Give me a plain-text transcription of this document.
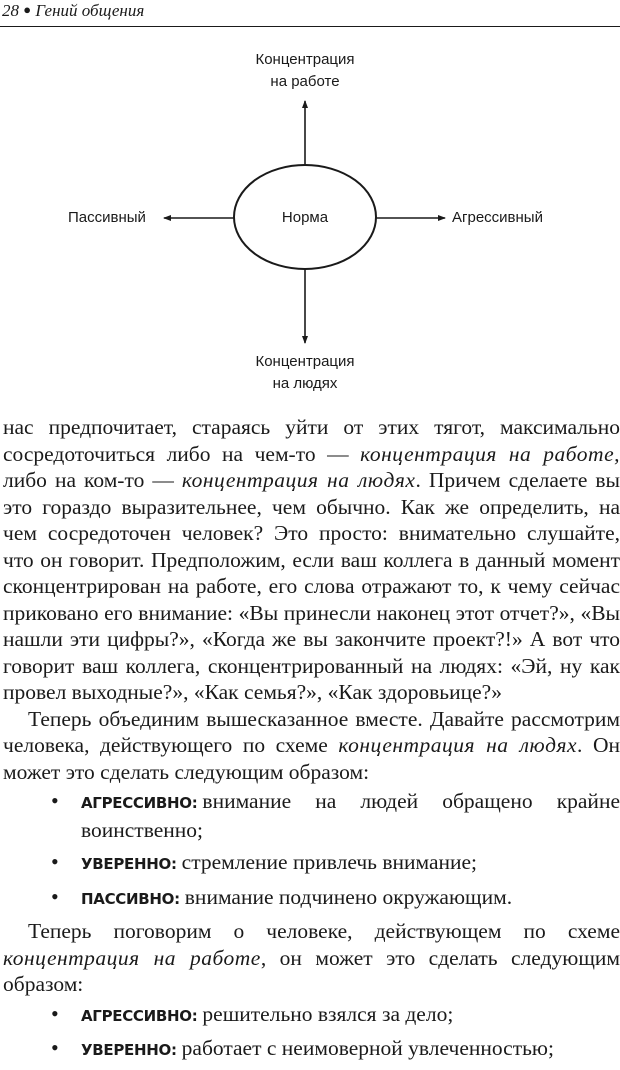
28 ● Гений общения
Концентрация
на работе
Пассивный	Норма	Агрессивный
Концентрация
на людях

нас предпочитает, стараясь уйти от этих тягот, максимально сосредоточиться либо на чем-то — концентрация на работе, либо на ком-то — концентрация на людях. Причем сделаете вы это гораздо выразительнее, чем обычно. Как же определить, на чем сосредоточен человек? Это просто: внимательно слушайте, что он говорит. Предположим, если ваш коллега в данный момент сконцентрирован на работе, его слова отражают то, к чему сейчас приковано его внимание: «Вы принесли наконец этот отчет?», «Вы нашли эти цифры?», «Когда же вы закончите проект?!» А вот что говорит ваш коллега, сконцентрированный на людях: «Эй, ну как провел выходные?», «Как семья?», «Как здоровьице?»

Теперь объединим вышесказанное вместе. Давайте рассмотрим человека, действующего по схеме концентрация на людях. Он может это сделать следующим образом:

• АГРЕССИВНО: внимание на людей обращено крайне воинственно;
• УВЕРЕННО: стремление привлечь внимание;
• ПАССИВНО: внимание подчинено окружающим.

Теперь поговорим о человеке, действующем по схеме концентрация на работе, он может это сделать следующим образом:

• АГРЕССИВНО: решительно взялся за дело;
• УВЕРЕННО: работает с неимоверной увлеченностью;
